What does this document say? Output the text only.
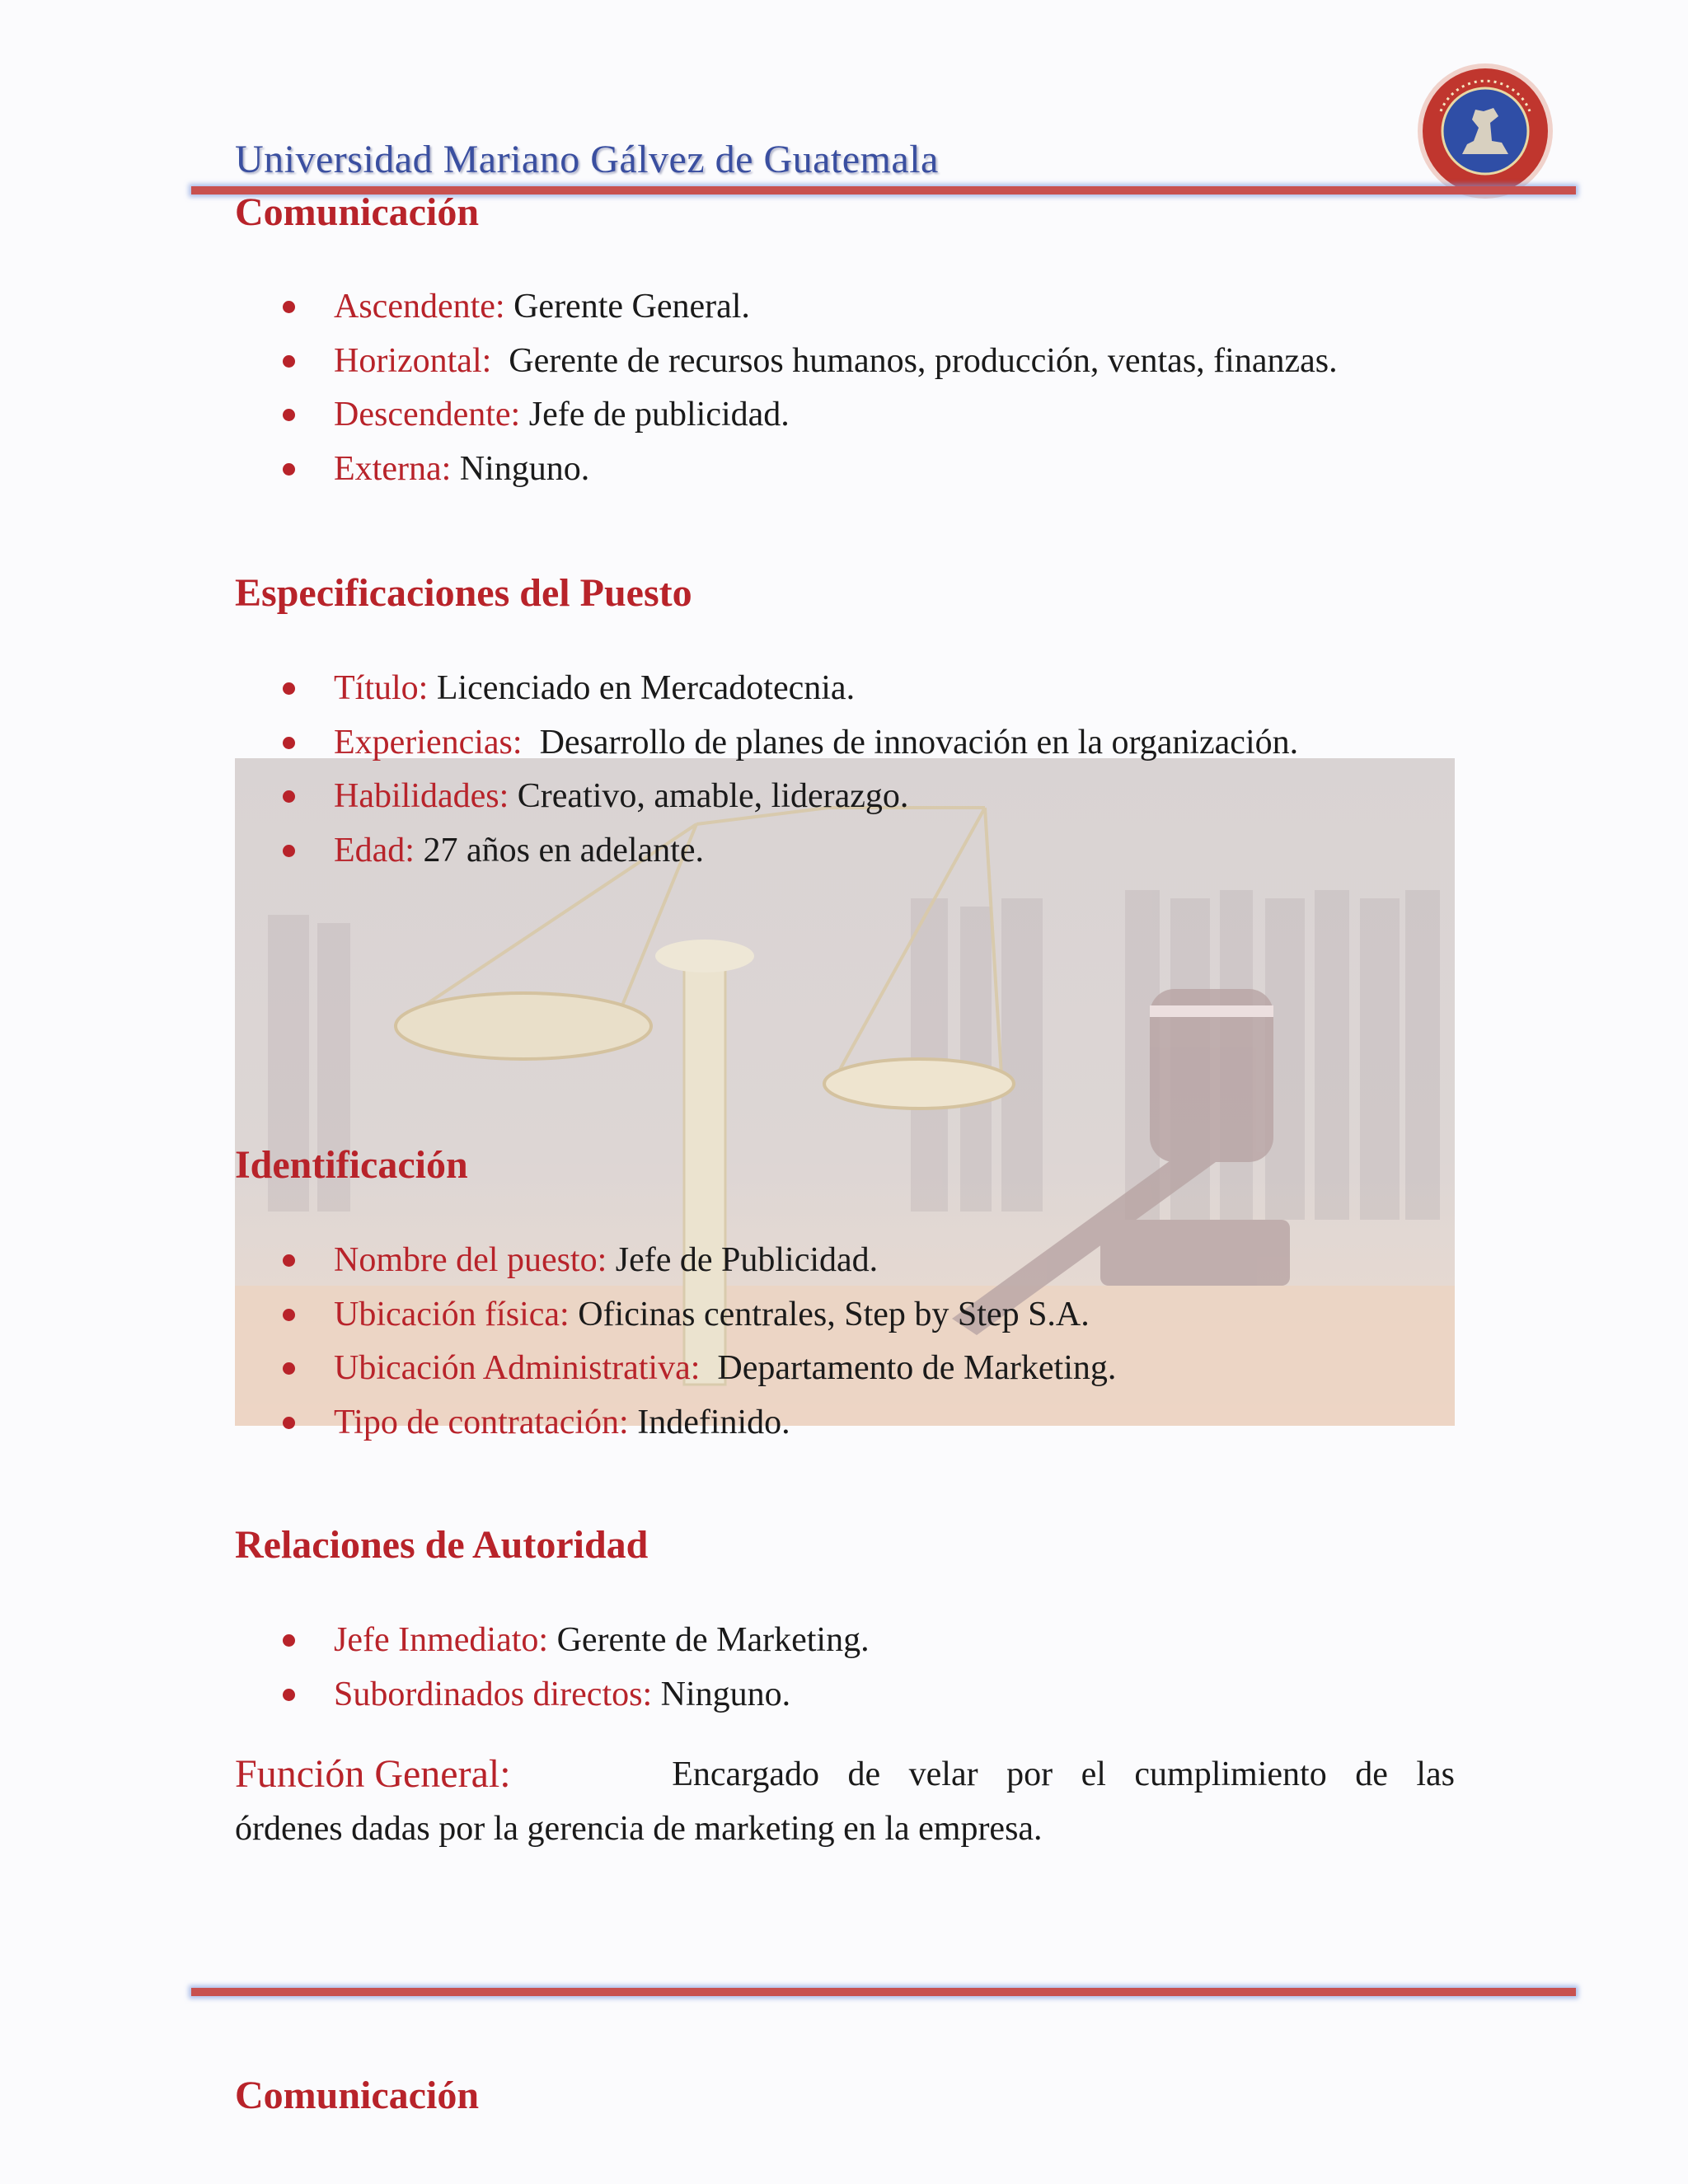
Universidad Mariano Gálvez de Guatemala
Comunicación
Ascendente: Gerente General.
Horizontal: Gerente de recursos humanos, producción, ventas, finanzas.
Descendente: Jefe de publicidad.
Externa: Ninguno.
Especificaciones del Puesto
Título: Licenciado en Mercadotecnia.
Experiencias: Desarrollo de planes de innovación en la organización.
Habilidades: Creativo, amable, liderazgo.
Edad: 27 años en adelante.
Identificación
Nombre del puesto: Jefe de Publicidad.
Ubicación física: Oficinas centrales, Step by Step S.A.
Ubicación Administrativa: Departamento de Marketing.
Tipo de contratación: Indefinido.
Relaciones de Autoridad
Jefe Inmediato: Gerente de Marketing.
Subordinados directos: Ninguno.
Función General:	Encargado de velar por el cumplimiento de las
órdenes dadas por la gerencia de marketing en la empresa.
Comunicación
